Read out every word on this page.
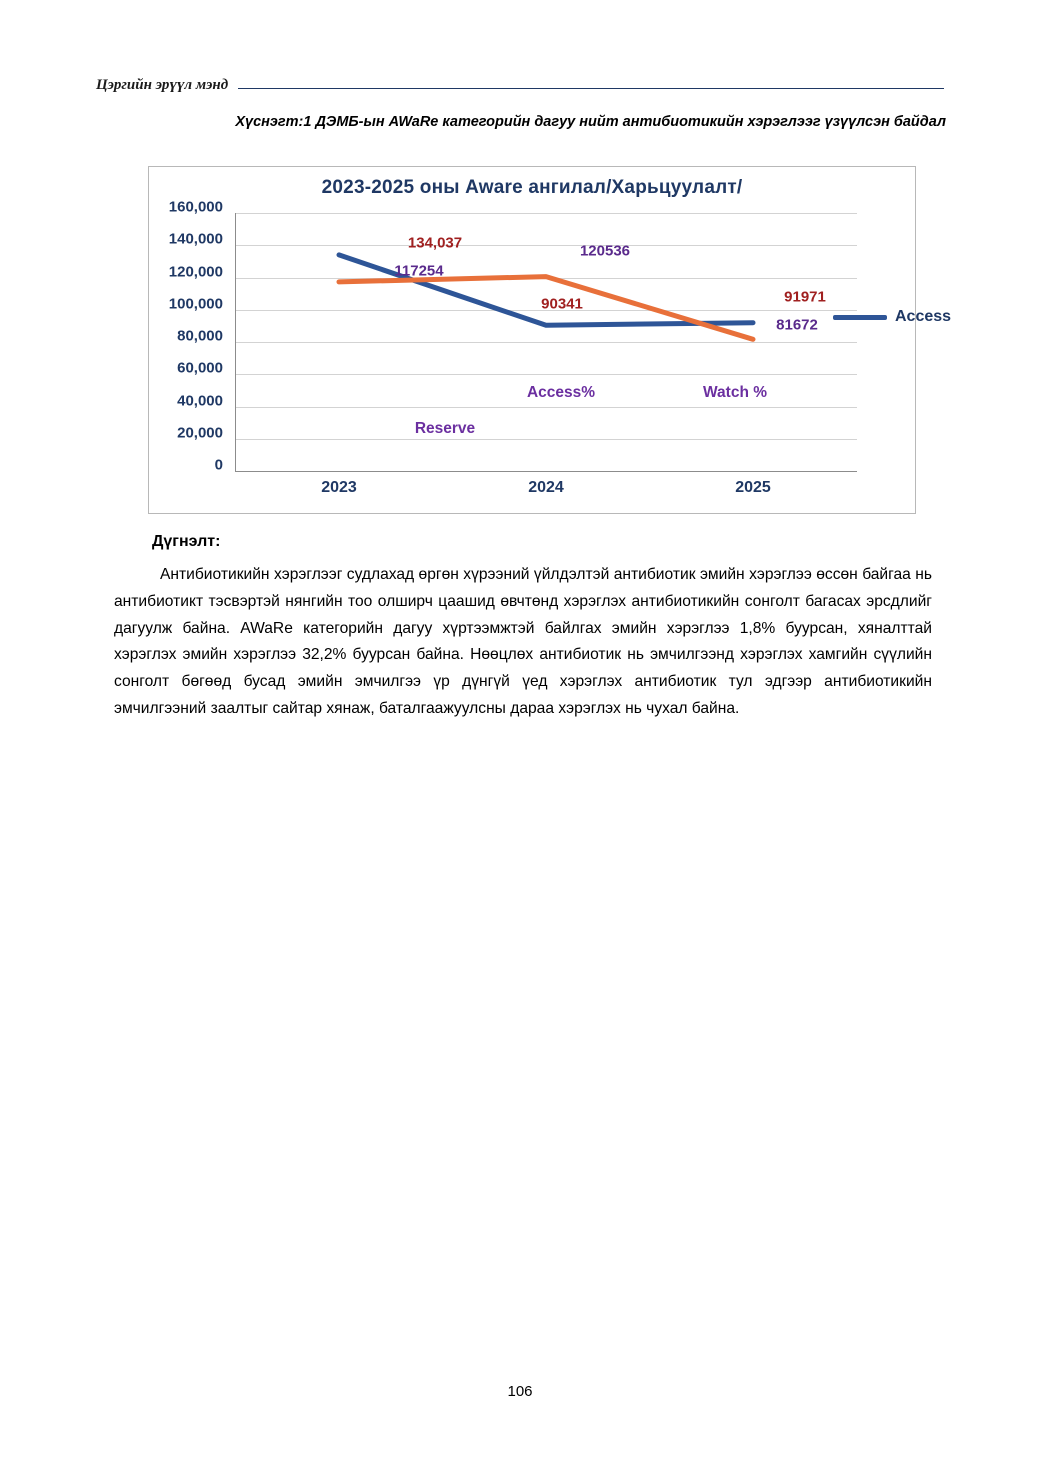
Цэргийн эрүүл мэнд
Хүснэгт:1 ДЭМБ-ын AWaRe категорийн дагуу нийт антибиотикийн хэрэглээг үзүүлсэн байдал
2023-2025 оны Aware ангилал/Харьцуулалт/
0
20,000
40,000
60,000
80,000
100,000
120,000
140,000
160,000
134,037
90341	91971
117254
120536
81672
Reserve
Access%	Watch %
Access
2023	2024	2025
Дүгнэлт:
Антибиотикийн хэрэглээг судлахад өргөн хүрээний үйлдэлтэй антибиотик эмийн хэрэглээ өссөн байгаа нь антибиотикт тэсвэртэй нянгийн тоо олширч цаашид өвчтөнд хэрэглэх антибиотикийн сонголт багасах эрсдлийг дагуулж байна. AWaRe категорийн дагуу хүртээмжтэй байлгах эмийн хэрэглээ 1,8% буурсан, хяналттай хэрэглэх эмийн хэрэглээ 32,2% буурсан байна. Нөөцлөх антибиотик нь эмчилгээнд хэрэглэх хамгийн сүүлийн сонголт бөгөөд бусад эмийн эмчилгээ үр дүнгүй үед хэрэглэх антибиотик тул эдгээр антибиотикийн эмчилгээний заалтыг сайтар хянаж, баталгаажуулсны дараа хэрэглэх нь чухал байна.
106
